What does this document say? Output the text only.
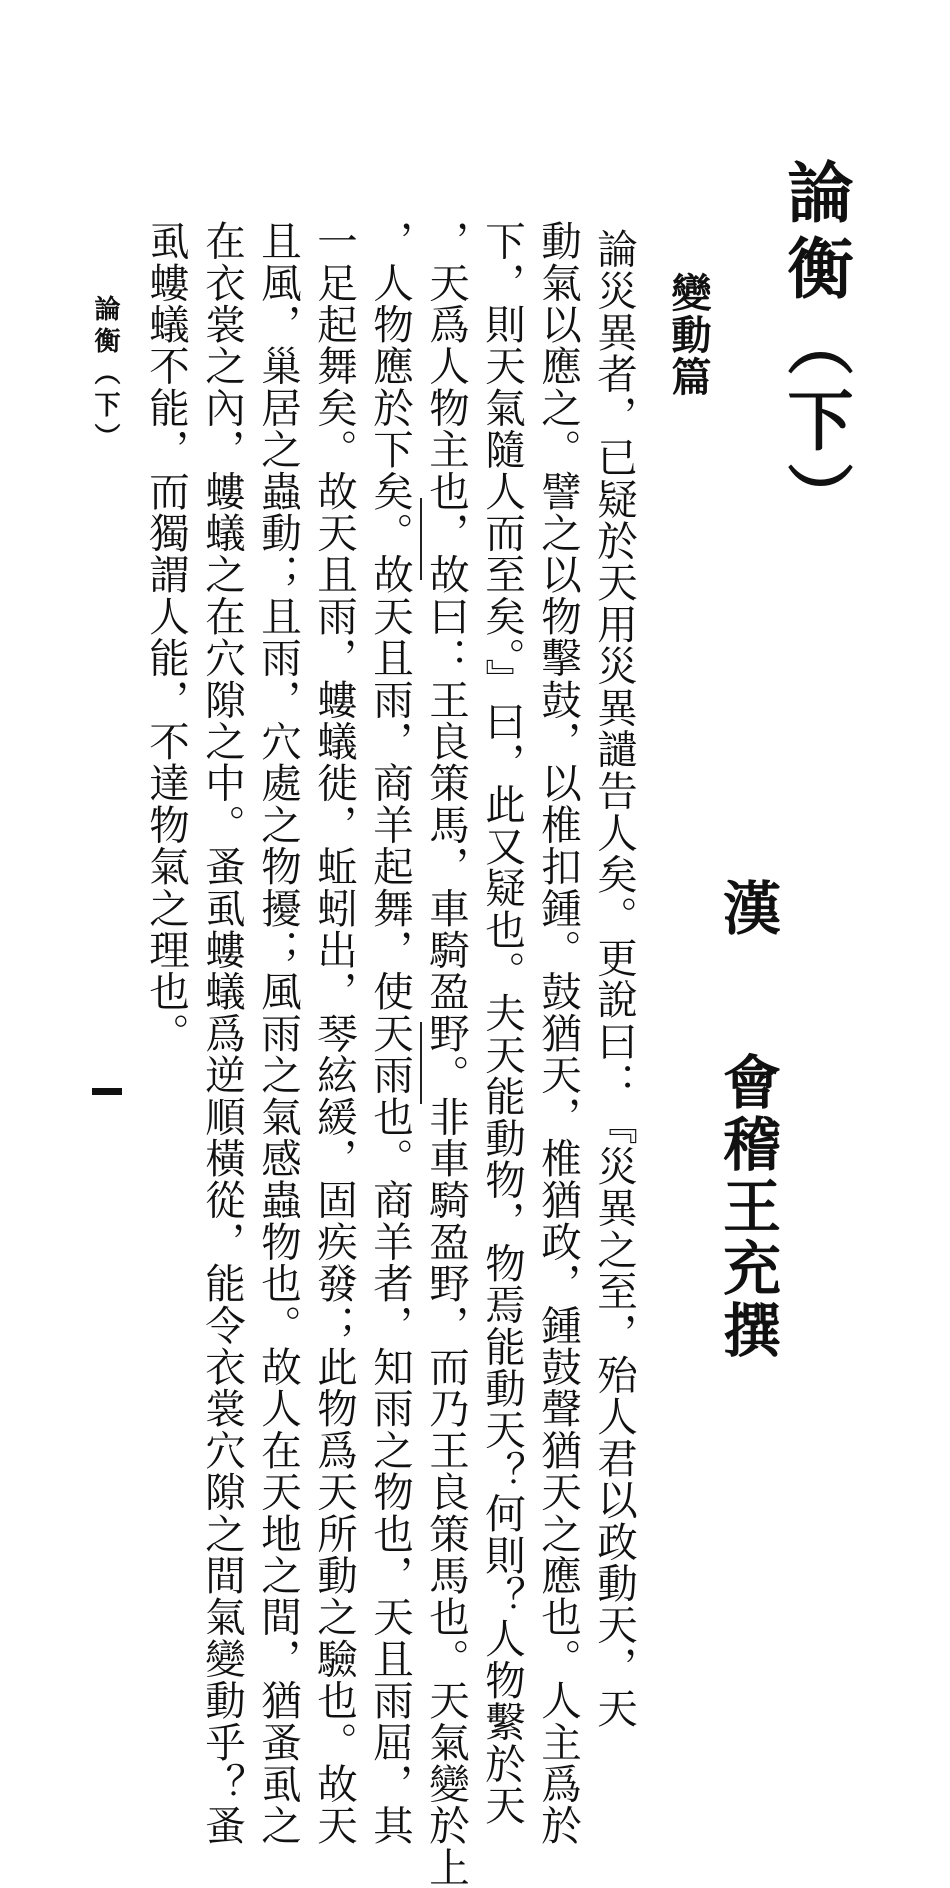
論衡（下）
漢 會稽王充撰
變動篇
論災異者，已疑於天用災異譴告人矣。更說曰：『災異之至，殆人君以政動天，天
動氣以應之。譬之以物擊鼓，以椎扣鍾。鼓猶天，椎猶政，鍾鼓聲猶天之應也。人主爲於
下，則天氣隨人而至矣。』曰，此又疑也。夫天能動物，物焉能動天？何則？人物繫於天
，天爲人物主也，故曰：王良策馬，車騎盈野。非車騎盈野，而乃王良策馬也。天氣變於上
，人物應於下矣。故天且雨，商羊起舞，使天雨也。商羊者，知雨之物也，天且雨屈，其
一足起舞矣。故天且雨，螻蟻徙，蚯蚓出，琴絃緩，固疾發；此物爲天所動之驗也。故天
且風，巢居之蟲動；且雨，穴處之物擾；風雨之氣感蟲物也。故人在天地之間，猶蚤虱之
在衣裳之內，螻蟻之在穴隙之中。蚤虱螻蟻爲逆順橫從，能令衣裳穴隙之間氣變動乎？蚤
虱螻蟻不能，而獨謂人能，不達物氣之理也。
論衡（下）
